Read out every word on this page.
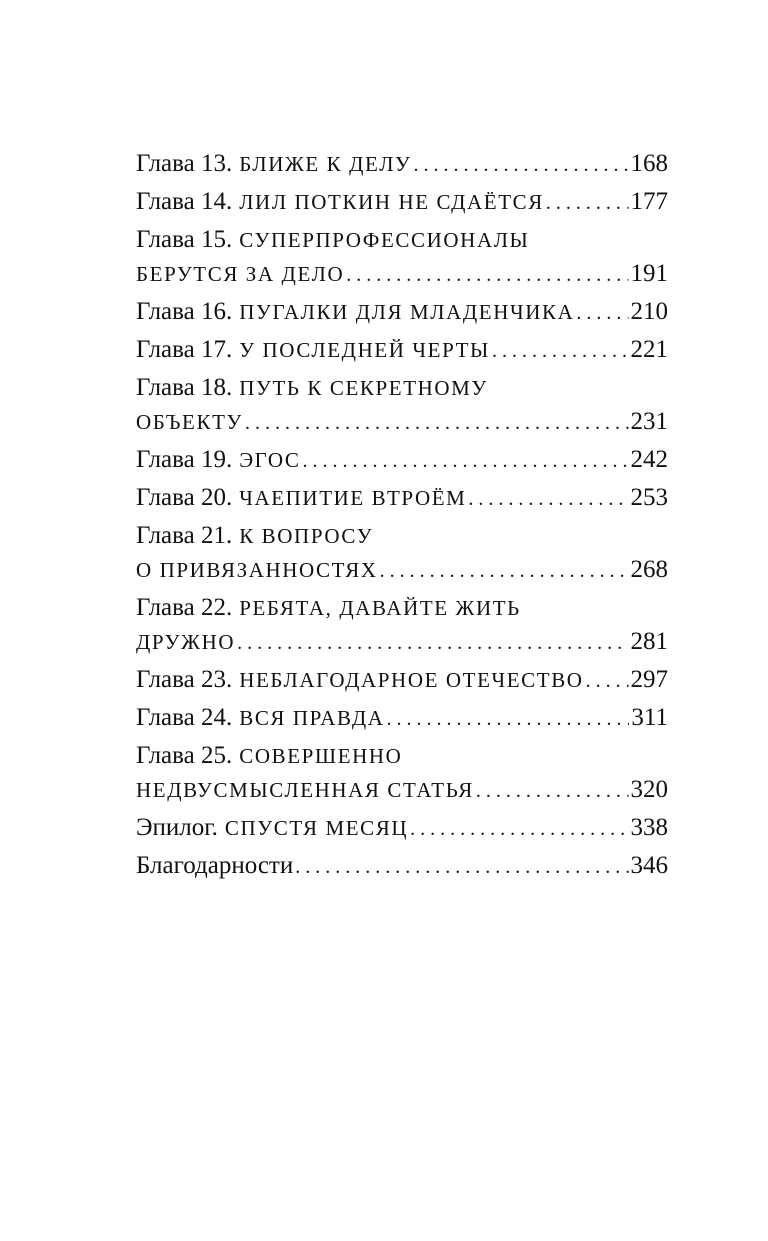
Глава 13. БЛИЖЕ К ДЕЛУ . . .	168
Глава 14. ЛИЛ ПОТКИН НЕ СДАЁТСЯ . . .	177
Глава 15. СУПЕРПРОФЕССИОНАЛЫ
БЕРУТСЯ ЗА ДЕЛО . . .	191
Глава 16. ПУГАЛКИ ДЛЯ МЛАДЕНЧИКА . . . 210
Глава 17. У ПОСЛЕДНЕЙ ЧЕРТЫ . . .	221
Глава 18. ПУТЬ К СЕКРЕТНОМУ
ОБЪЕКТУ . . .	231
Глава 19. ЭГОС . . .	242
Глава 20. ЧАЕПИТИЕ ВТРОЁМ . . .	253
Глава 21. К ВОПРОСУ
О ПРИВЯЗАННОСТЯХ . . .	268
Глава 22. РЕБЯТА, ДАВАЙТЕ ЖИТЬ
ДРУЖНО . . .	281
Глава 23. НЕБЛАГОДАРНОЕ ОТЕЧЕСТВО . . . 297
Глава 24. ВСЯ ПРАВДА . . .	311
Глава 25. СОВЕРШЕННО
НЕДВУСМЫСЛЕННАЯ СТАТЬЯ . . .	320
Эпилог. СПУСТЯ МЕСЯЦ . . .	338
Благодарности . . .	346
